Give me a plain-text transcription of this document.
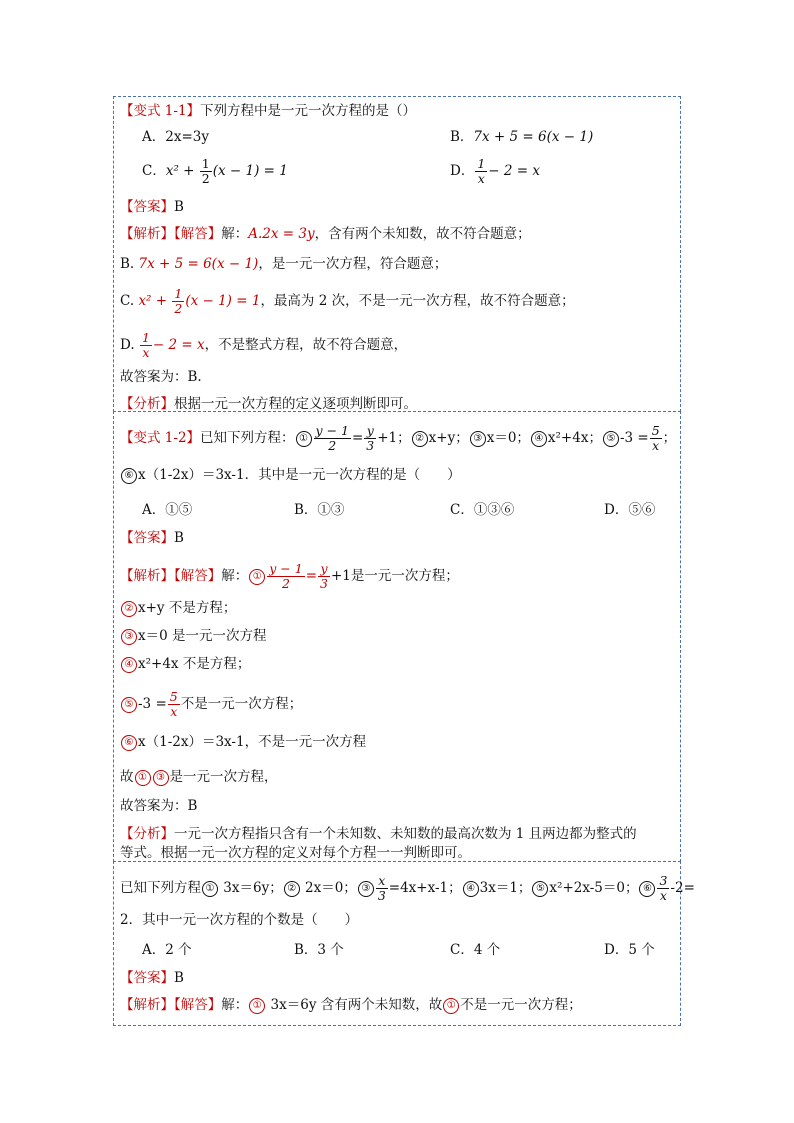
【变式 1-1】下列方程中是一元一次方程的是（）
A．2x=3y	B．7x + 5 = 6(x − 1)
C．$x^2 + \frac{1}{2} (x - 1) = 1$	D． $\frac{1}{x} - 2 = x$
【答案】B
【解析】【解答】解：A.2x = 3y，含有两个未知数，故不符合题意；
B. 7x + 5 = 6(x − 1)，是一元一次方程，符合题意；
C. $x^2 + \frac{1}{2} (x - 1) = 1$，最高为 2 次，不是一元一次方程，故不符合题意；
D. $\frac{1}{x} - 2 = x$，不是整式方程，故不符合题意，
故答案为：B.
【分析】根据一元一次方程的定义逐项判断即可。
【变式 1-2】已知下列方程： ① $\frac{y - 1}{2} = \frac{y}{3} +1$； ② x+y； ③ x＝0； ④ x²+4x； ⑤ $-3 = \frac{5}{x}$ ；
⑥ x（1-2x）＝3x-1．其中是一元一次方程的是（　　）
A．①⑤	B．①③	C．①③⑥	D．⑤⑥
【答案】B
【解析】【解答】解： ① $\frac{y - 1}{2} = \frac{y}{3} +1$是一元一次方程；
② x+y 不是方程；
③ x＝0 是一元一次方程
④ x²+4x 不是方程；
⑤ $-3 = \frac{5}{x}$ 不是一元一次方程；
⑥ x（1-2x）＝3x-1，不是一元一次方程
故 ① ③ 是一元一次方程，
故答案为：B
【分析】一元一次方程指只含有一个未知数、未知数的最高次数为 1 且两边都为整式的
等式。根据一元一次方程的定义对每个方程一一判断即可。
已知下列方程 ① 3x＝6y； ② 2x＝0； ③ $\frac{x}{3} =4x+x-1$； ④ 3x＝1； ⑤ x²+2x-5＝0； ⑥ $\frac{3}{x} -2=$
2．其中一元一次方程的个数是（　　）
A．2 个	B．3 个	C．4 个	D．5 个
【答案】B
【解析】【解答】解： ① 3x＝6y 含有两个未知数，故 ① 不是一元一次方程；
